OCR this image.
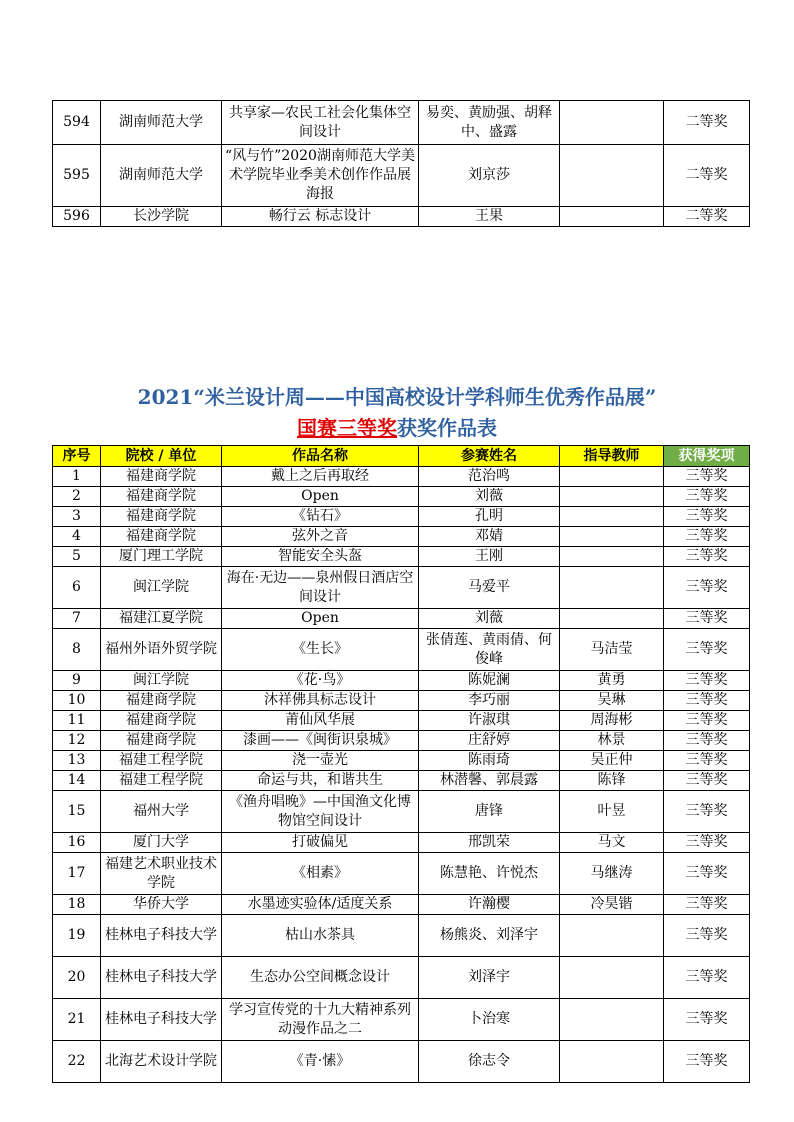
594	湖南师范大学	共享家—农民工社会化集体空间设计	易奕、黄励强、胡释中、盛露		二等奖
595	湖南师范大学	“风与竹”2020湖南师范大学美术学院毕业季美术创作作品展海报	刘京莎		二等奖
596	长沙学院	畅行云 标志设计	王果		二等奖
2021“米兰设计周——中国高校设计学科师生优秀作品展”
国赛三等奖获奖作品表
序号	院校 / 单位	作品名称	参赛姓名	指导教师	获得奖项
1	福建商学院	戴上之后再取经	范治鸣		三等奖
2	福建商学院	Open	刘薇		三等奖
3	福建商学院	《钻石》	孔明		三等奖
4	福建商学院	弦外之音	邓婧		三等奖
5	厦门理工学院	智能安全头盔	王刚		三等奖
6	闽江学院	海在·无边——泉州假日酒店空间设计	马爱平		三等奖
7	福建江夏学院	Open	刘薇		三等奖
8	福州外语外贸学院	《生长》	张倩莲、黄雨倩、何俊峰	马洁莹	三等奖
9	闽江学院	《花·鸟》	陈妮澜	黄勇	三等奖
10	福建商学院	沐祥佛具标志设计	李巧丽	吴琳	三等奖
11	福建商学院	莆仙风华展	许淑琪	周海彬	三等奖
12	福建商学院	漆画——《闽街识泉城》	庄舒婷	林景	三等奖
13	福建工程学院	浇一壶光	陈雨琦	吴正仲	三等奖
14	福建工程学院	命运与共，和谐共生	林潜馨、郭晨露	陈锋	三等奖
15	福州大学	《渔舟唱晚》—中国渔文化博物馆空间设计	唐锋	叶昱	三等奖
16	厦门大学	打破偏见	邢凯荣	马文	三等奖
17	福建艺术职业技术学院	《相素》	陈慧艳、许悦杰	马继涛	三等奖
18	华侨大学	水墨迹实验体/适度关系	许瀚樱	冷昊锴	三等奖
19	桂林电子科技大学	枯山水茶具	杨熊炎、刘泽宇		三等奖
20	桂林电子科技大学	生态办公空间概念设计	刘泽宇		三等奖
21	桂林电子科技大学	学习宣传党的十九大精神系列动漫作品之二	卜治寒		三等奖
22	北海艺术设计学院	《青·愫》	徐志令		三等奖
